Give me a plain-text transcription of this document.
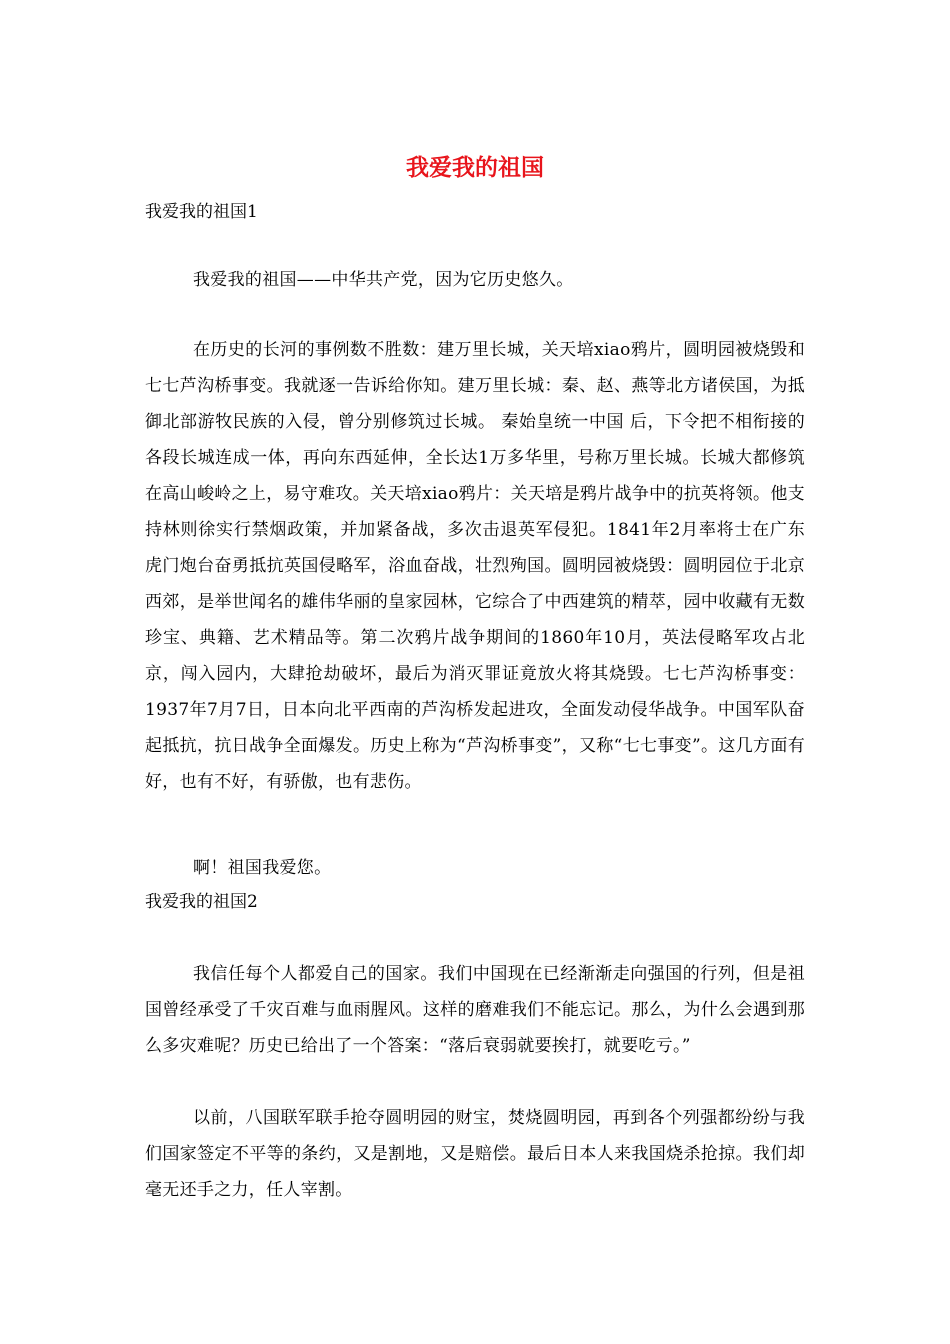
我爱我的祖国
我爱我的祖国1

我爱我的祖国——中华共产党，因为它历史悠久。

在历史的长河的事例数不胜数：建万里长城，关天培xiao鸦片，圆明园被烧毁和七七芦沟桥事变。我就逐一告诉给你知。建万里长城：秦、赵、燕等北方诸侯国，为抵御北部游牧民族的入侵，曾分别修筑过长城。 秦始皇统一中国 后，下令把不相衔接的各段长城连成一体，再向东西延伸，全长达1万多华里，号称万里长城。长城大都修筑在高山峻岭之上，易守难攻。关天培xiao鸦片：关天培是鸦片战争中的抗英将领。他支持林则徐实行禁烟政策，并加紧备战，多次击退英军侵犯。1841年2月率将士在广东虎门炮台奋勇抵抗英国侵略军，浴血奋战，壮烈殉国。圆明园被烧毁：圆明园位于北京西郊，是举世闻名的雄伟华丽的皇家园林，它综合了中西建筑的精萃，园中收藏有无数珍宝、典籍、艺术精品等。第二次鸦片战争期间的1860年10月，英法侵略军攻占北京，闯入园内，大肆抢劫破坏，最后为消灭罪证竟放火将其烧毁。七七芦沟桥事变：1937年7月7日，日本向北平西南的芦沟桥发起进攻，全面发动侵华战争。中国军队奋起抵抗，抗日战争全面爆发。历史上称为“芦沟桥事变”，又称“七七事变”。这几方面有好，也有不好，有骄傲，也有悲伤。

啊！祖国我爱您。

我爱我的祖国2

我信任每个人都爱自己的国家。我们中国现在已经渐渐走向强国的行列，但是祖国曾经承受了千灾百难与血雨腥风。这样的磨难我们不能忘记。那么，为什么会遇到那么多灾难呢？历史已给出了一个答案：“落后衰弱就要挨打，就要吃亏。”

以前，八国联军联手抢夺圆明园的财宝，焚烧圆明园，再到各个列强都纷纷与我们国家签定不平等的条约，又是割地，又是赔偿。最后日本人来我国烧杀抢掠。我们却毫无还手之力，任人宰割。
